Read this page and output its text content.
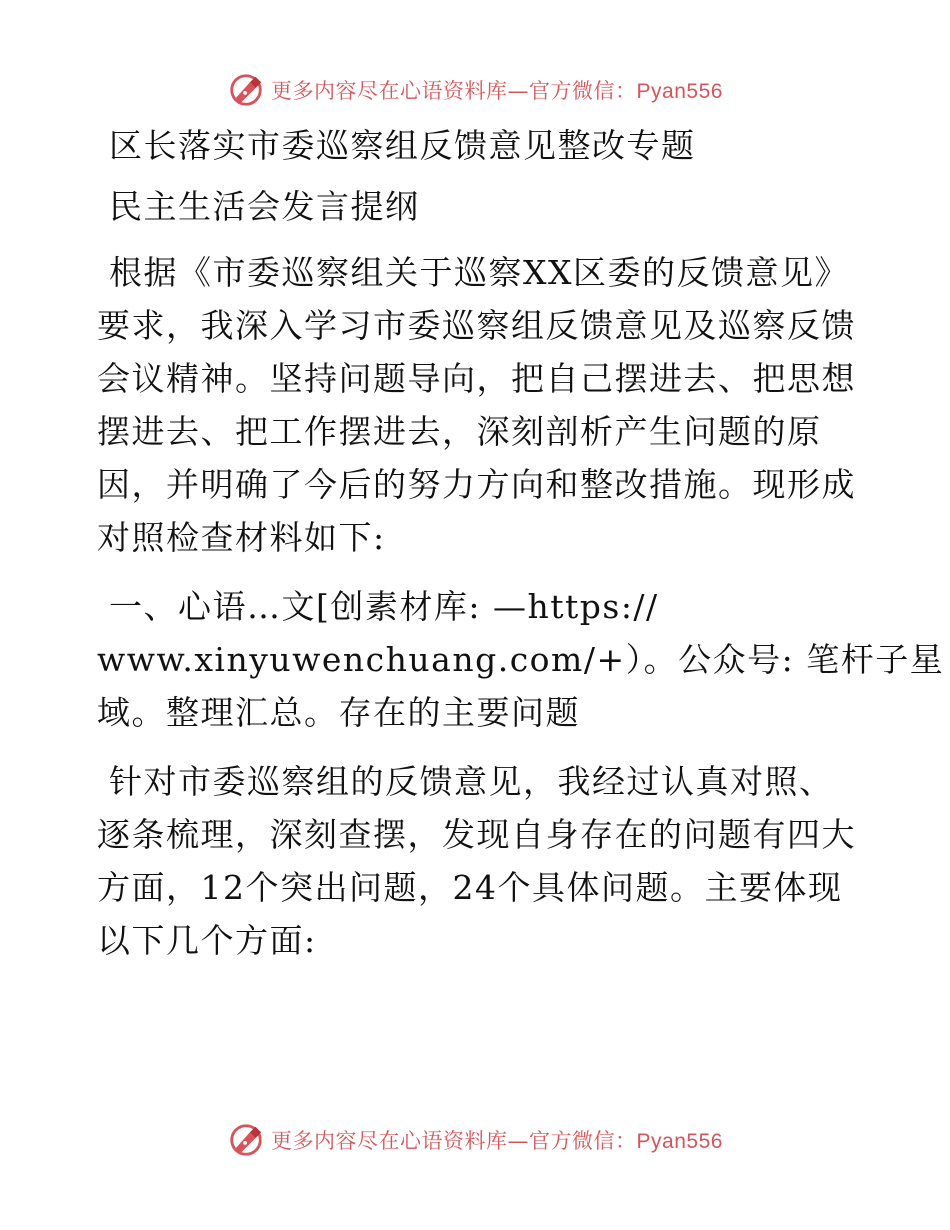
更多内容尽在心语资料库—官方微信：Pyan556
区长落实市委巡察组反馈意见整改专题
民主生活会发言提纲
根据《市委巡察组关于巡察XX区委的反馈意见》
要求，我深入学习市委巡察组反馈意见及巡察反馈
会议精神。坚持问题导向，把自己摆进去、把思想
摆进去、把工作摆进去，深刻剖析产生问题的原
因，并明确了今后的努力方向和整改措施。现形成
对照检查材料如下:
一、心语…文[创素材库: —https://
www.xinyuwenchuang.com/+）。公众号: 笔杆子星
域。整理汇总。存在的主要问题
针对市委巡察组的反馈意见，我经过认真对照、
逐条梳理，深刻查摆，发现自身存在的问题有四大
方面，12个突出问题，24个具体问题。主要体现
以下几个方面:
更多内容尽在心语资料库—官方微信：Pyan556
